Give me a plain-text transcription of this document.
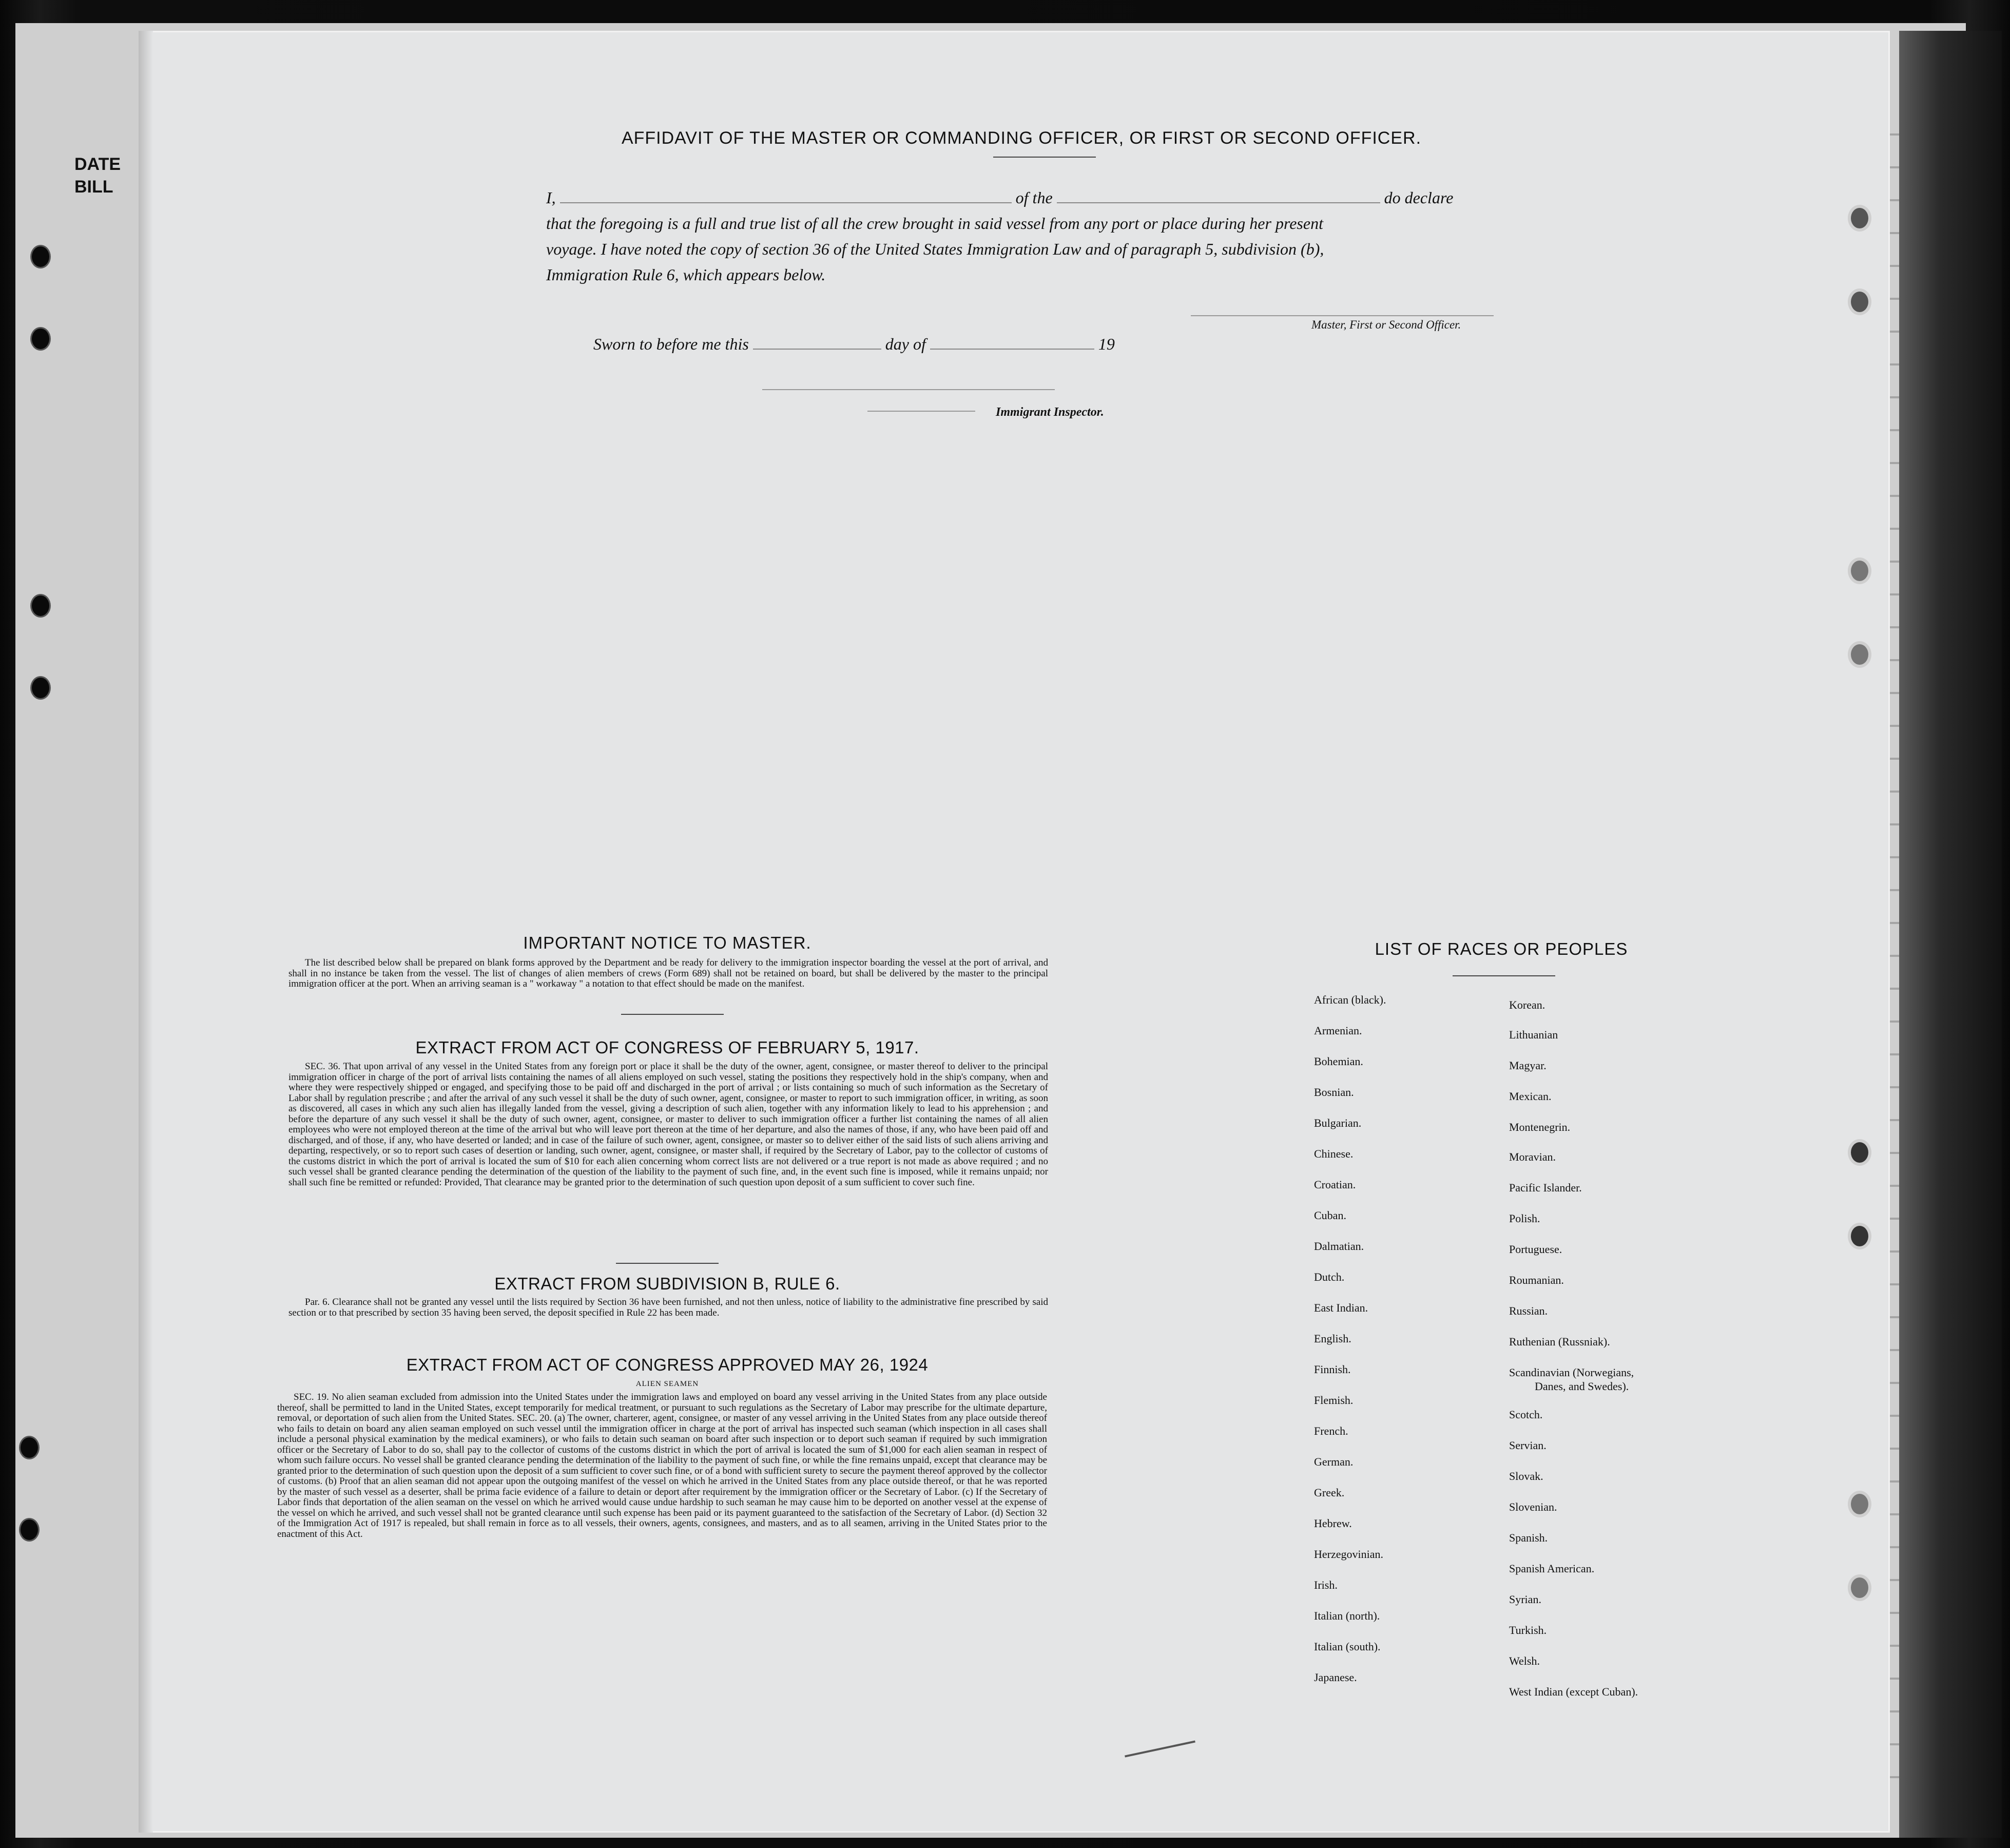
DATE
BILL
AFFIDAVIT OF THE MASTER OR COMMANDING OFFICER, OR FIRST OR SECOND OFFICER.

I,	of the	do declare

that the foregoing is a full and true list of all the crew brought in said vessel from any port or place during her present

voyage. I have noted the copy of section 36 of the United States Immigration Law and of paragraph 5, subdivision (b),

Immigration Rule 6, which appears below.

Master, First or Second Officer.
Sworn to before me this	day of	19
Immigrant Inspector.
IMPORTANT NOTICE TO MASTER.
The list described below shall be prepared on blank forms approved by the Department and be ready for delivery to the immigration inspector boarding the vessel at the port of arrival, and shall in no instance be taken from the vessel. The list of changes of alien members of crews (Form 689) shall not be retained on board, but shall be delivered by the master to the principal immigration officer at the port. When an arriving seaman is a " workaway " a notation to that effect should be made on the manifest.
EXTRACT FROM ACT OF CONGRESS OF FEBRUARY 5, 1917.
SEC. 36. That upon arrival of any vessel in the United States from any foreign port or place it shall be the duty of the owner, agent, consignee, or master thereof to deliver to the principal immigration officer in charge of the port of arrival lists containing the names of all aliens employed on such vessel, stating the positions they respectively hold in the ship's company, when and where they were respectively shipped or engaged, and specifying those to be paid off and discharged in the port of arrival ; or lists containing so much of such information as the Secretary of Labor shall by regulation prescribe ; and after the arrival of any such vessel it shall be the duty of such owner, agent, consignee, or master to report to such immigration officer, in writing, as soon as discovered, all cases in which any such alien has illegally landed from the vessel, giving a description of such alien, together with any information likely to lead to his apprehension ; and before the departure of any such vessel it shall be the duty of such owner, agent, consignee, or master to deliver to such immigration officer a further list containing the names of all alien employees who were not employed thereon at the time of the arrival but who will leave port thereon at the time of her departure, and also the names of those, if any, who have been paid off and discharged, and of those, if any, who have deserted or landed; and in case of the failure of such owner, agent, consignee, or master so to deliver either of the said lists of such aliens arriving and departing, respectively, or so to report such cases of desertion or landing, such owner, agent, consignee, or master shall, if required by the Secretary of Labor, pay to the collector of customs of the customs district in which the port of arrival is located the sum of $10 for each alien concerning whom correct lists are not delivered or a true report is not made as above required ; and no such vessel shall be granted clearance pending the determination of the question of the liability to the payment of such fine, and, in the event such fine is imposed, while it remains unpaid; nor shall such fine be remitted or refunded: Provided, That clearance may be granted prior to the determination of such question upon deposit of a sum sufficient to cover such fine.
EXTRACT FROM SUBDIVISION B, RULE 6.
Par. 6. Clearance shall not be granted any vessel until the lists required by Section 36 have been furnished, and not then unless, notice of liability to the administrative fine prescribed by said section or to that prescribed by section 35 having been served, the deposit specified in Rule 22 has been made.
EXTRACT FROM ACT OF CONGRESS APPROVED MAY 26, 1924
ALIEN SEAMEN
SEC. 19. No alien seaman excluded from admission into the United States under the immigration laws and employed on board any vessel arriving in the United States from any place outside thereof, shall be permitted to land in the United States, except temporarily for medical treatment, or pursuant to such regulations as the Secretary of Labor may prescribe for the ultimate departure, removal, or deportation of such alien from the United States. SEC. 20. (a) The owner, charterer, agent, consignee, or master of any vessel arriving in the United States from any place outside thereof who fails to detain on board any alien seaman employed on such vessel until the immigration officer in charge at the port of arrival has inspected such seaman (which inspection in all cases shall include a personal physical examination by the medical examiners), or who fails to detain such seaman on board after such inspection or to deport such seaman if required by such immigration officer or the Secretary of Labor to do so, shall pay to the collector of customs of the customs district in which the port of arrival is located the sum of $1,000 for each alien seaman in respect of whom such failure occurs. No vessel shall be granted clearance pending the determination of the liability to the payment of such fine, or while the fine remains unpaid, except that clearance may be granted prior to the determination of such question upon the deposit of a sum sufficient to cover such fine, or of a bond with sufficient surety to secure the payment thereof approved by the collector of customs. (b) Proof that an alien seaman did not appear upon the outgoing manifest of the vessel on which he arrived in the United States from any place outside thereof, or that he was reported by the master of such vessel as a deserter, shall be prima facie evidence of a failure to detain or deport after requirement by the immigration officer or the Secretary of Labor. (c) If the Secretary of Labor finds that deportation of the alien seaman on the vessel on which he arrived would cause undue hardship to such seaman he may cause him to be deported on another vessel at the expense of the vessel on which he arrived, and such vessel shall not be granted clearance until such expense has been paid or its payment guaranteed to the satisfaction of the Secretary of Labor. (d) Section 32 of the Immigration Act of 1917 is repealed, but shall remain in force as to all vessels, their owners, agents, consignees, and masters, and as to all seamen, arriving in the United States prior to the enactment of this Act.
LIST OF RACES OR PEOPLES
African (black).
Armenian.
Bohemian.
Bosnian.
Bulgarian.
Chinese.
Croatian.
Cuban.
Dalmatian.
Dutch.
East Indian.
English.
Finnish.
Flemish.
French.
German.
Greek.
Hebrew.
Herzegovinian.
Irish.
Italian (north).
Italian (south).
Japanese.
Korean.
Lithuanian
Magyar.
Mexican.
Montenegrin.
Moravian.
Pacific Islander.
Polish.
Portuguese.
Roumanian.
Russian.
Ruthenian (Russniak).
Scandinavian (Norwegians,
Danes, and Swedes).
Scotch.
Servian.
Slovak.
Slovenian.
Spanish.
Spanish American.
Syrian.
Turkish.
Welsh.
West Indian (except Cuban).
